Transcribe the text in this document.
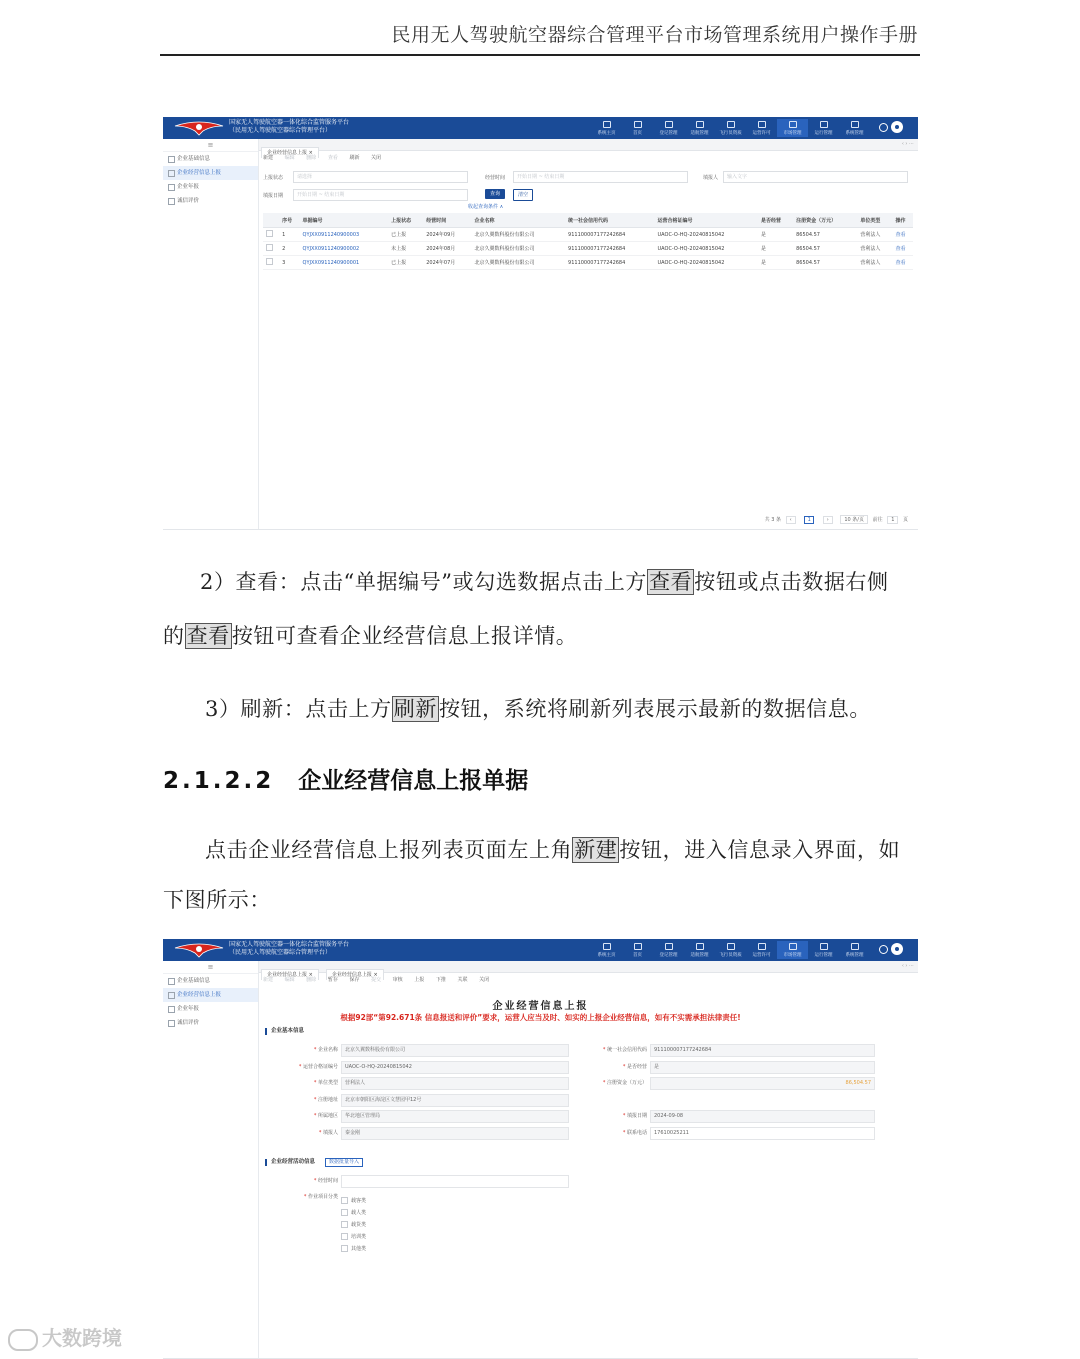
民用无人驾驶航空器综合管理平台市场管理系统用户操作手册
国家无人驾驶航空器一体化综合监管服务平台
（民用无人驾驶航空器综合管理平台）	系统主页	首页	登记管理	适航管理	飞行员资质	运营许可	市场管理	运行管理	系统管理
≡
企业基础信息
企业经营信息上报
企业年报
诚信评价
企业经营信息上报 ×
‹ › ⋯
新建 编辑 删除 查看 刷新 关闭
上报状态	请选择	经营时间	开始日期 ~ 结束日期	填报人	输入文字
填报日期	开始日期 ~ 结束日期	查询	清空
收起查询条件 ∧
	序号	单据编号	上报状态	经营时间	企业名称	统一社会信用代码	运营合格证编号	是否经营	注册资金（万元）	单位类型	操作
	1	QYJXX0911240900003	已上报	2024年09月	北京久翼数科股份有限公司	911100007177242684	UAOC-O-HQ-20240815042	是	86504.57	营利法人	查看
	2	QYJXX0911240900002	未上报	2024年08月	北京久翼数科股份有限公司	911100007177242684	UAOC-O-HQ-20240815042	是	86504.57	营利法人	查看
	3	QYJXX0911240900001	已上报	2024年07月	北京久翼数科股份有限公司	911100007177242684	UAOC-O-HQ-20240815042	是	86504.57	营利法人	查看
共 3 条 ‹	1	›	10 条/页 前往 1 页
2）查看：点击“单据编号”或勾选数据点击上方查看按钮或点击数据右侧
的查看按钮可查看企业经营信息上报详情。
3）刷新：点击上方刷新按钮，系统将刷新列表展示最新的数据信息。
2.1.2.2 企业经营信息上报单据
点击企业经营信息上报列表页面左上角新建按钮，进入信息录入界面，如
下图所示：
国家无人驾驶航空器一体化综合监管服务平台
（民用无人驾驶航空器综合管理平台）	系统主页	首页	登记管理	适航管理	飞行员资质	运营许可	市场管理	运行管理	系统管理
≡
企业基础信息
企业经营信息上报
企业年报
诚信评价
企业经营信息上报 ×	企业经营信息上报 ×
‹ › ⋯
新建 编辑 删除 暂存 保存 提交 审核 上报 下推 关联 关闭
企业经营信息上报
根据92部“第92.671条 信息报送和评价”要求，运营人应当及时、如实的上报企业经营信息，如有不实需承担法律责任!
企业基本信息
* 企业名称	北京久翼数科股份有限公司	* 统一社会信用代码	911100007177242684
* 运营合格证编号	UAOC-O-HQ-20240815042	* 是否经营	是
* 单位类型	营利法人	* 注册资金（万元）	86,504.57
* 注册地址	北京市朝阳区海淀区文慧园甲12号
* 所属地区	华北地区管理局	* 填报日期	2024-09-08
* 填报人	秦金刚	* 联系电话	17610025211
企业经营活动信息	数据批量导入
* 经营时间
* 作业项目分类
载客类
载人类
载货类
培训类
其他类
大数跨境
